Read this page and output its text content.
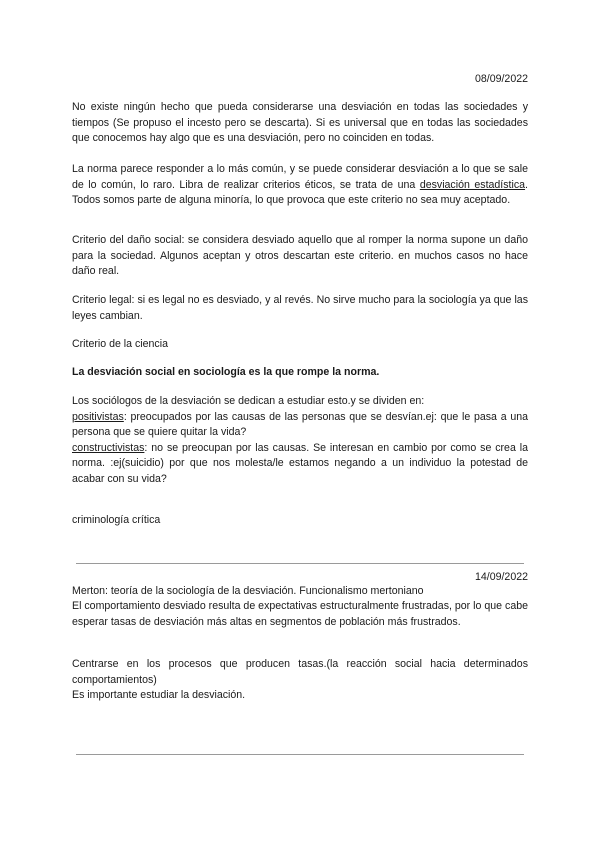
08/09/2022

No existe ningún hecho que pueda considerarse una desviación en todas las sociedades y tiempos (Se propuso el incesto pero se descarta). Si es universal que en todas las sociedades que conocemos hay algo que es una desviación, pero no coinciden en todas.

La norma parece responder a lo más común, y se puede considerar desviación a lo que se sale de lo común, lo raro. Libra de realizar criterios éticos, se trata de una desviación estadística. Todos somos parte de alguna minoría, lo que provoca que este criterio no sea muy aceptado.

Criterio del daño social: se considera desviado aquello que al romper la norma supone un daño para la sociedad. Algunos aceptan y otros descartan este criterio. en muchos casos no hace daño real.

Criterio legal: si es legal no es desviado, y al revés. No sirve mucho para la sociología ya que las leyes cambian.

Criterio de la ciencia

La desviación social en sociología es la que rompe la norma.

Los sociólogos de la desviación se dedican a estudiar esto.y se dividen en:
positivistas: preocupados por las causas de las personas que se desvían.ej: que le pasa a una persona que se quiere quitar la vida?
constructivistas: no se preocupan por las causas. Se interesan en cambio por como se crea la norma. :ej(suicidio) por que nos molesta/le estamos negando a un individuo la potestad de acabar con su vida?

criminología crítica

14/09/2022

Merton: teoría de la sociología de la desviación. Funcionalismo mertoniano

El comportamiento desviado resulta de expectativas estructuralmente frustradas, por lo que cabe esperar tasas de desviación más altas en segmentos de población más frustrados.

Centrarse en los procesos que producen tasas.(la reacción social hacia determinados comportamientos)

Es importante estudiar la desviación.
